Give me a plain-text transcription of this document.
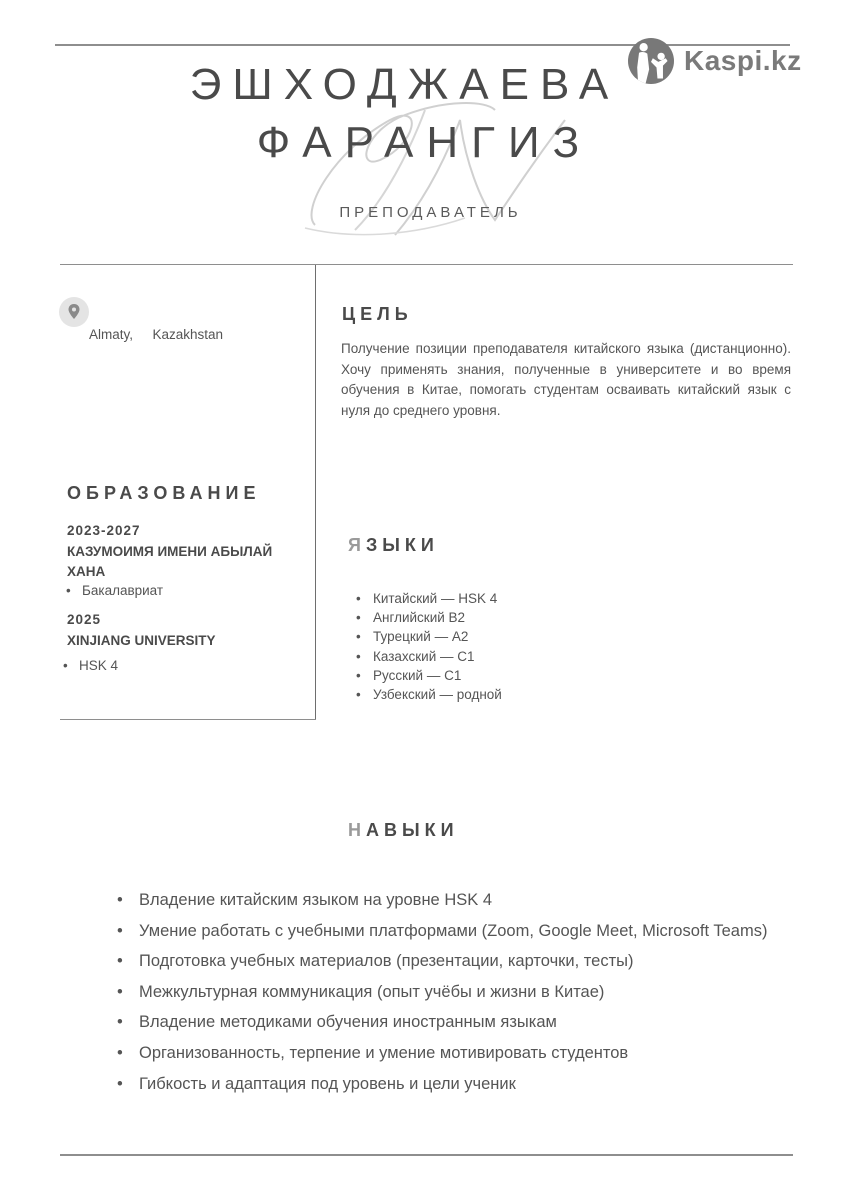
Kaspi.kz
ЭШХОДЖАЕВА
ФАРАНГИЗ
ПРЕПОДАВАТЕЛЬ
Almaty,  Kazakhstan
ЦЕЛЬ
Получение позиции преподавателя китайского языка (дистанционно). Хочу применять знания, полученные в университете и во время обучения в Китае, помогать студентам осваивать китайский язык с нуля до среднего уровня.
ОБРАЗОВАНИЕ
2023-2027
КАЗУМОИМЯ ИМЕНИ АБЫЛАЙ ХАНА
• Бакалавриат
2025
XINJIANG UNIVERSITY
• HSK 4
ЯЗЫКИ
• Китайский — HSK 4
• Английский B2
• Турецкий — A2
• Казахский — C1
• Русский — C1
• Узбекский — родной
НАВЫКИ
• Владение китайским языком на уровне HSK 4
• Умение работать с учебными платформами (Zoom, Google Meet, Microsoft Teams)
• Подготовка учебных материалов (презентации, карточки, тесты)
• Межкультурная коммуникация (опыт учёбы и жизни в Китае)
• Владение методиками обучения иностранным языкам
• Организованность, терпение и умение мотивировать студентов
• Гибкость и адаптация под уровень и цели ученик
